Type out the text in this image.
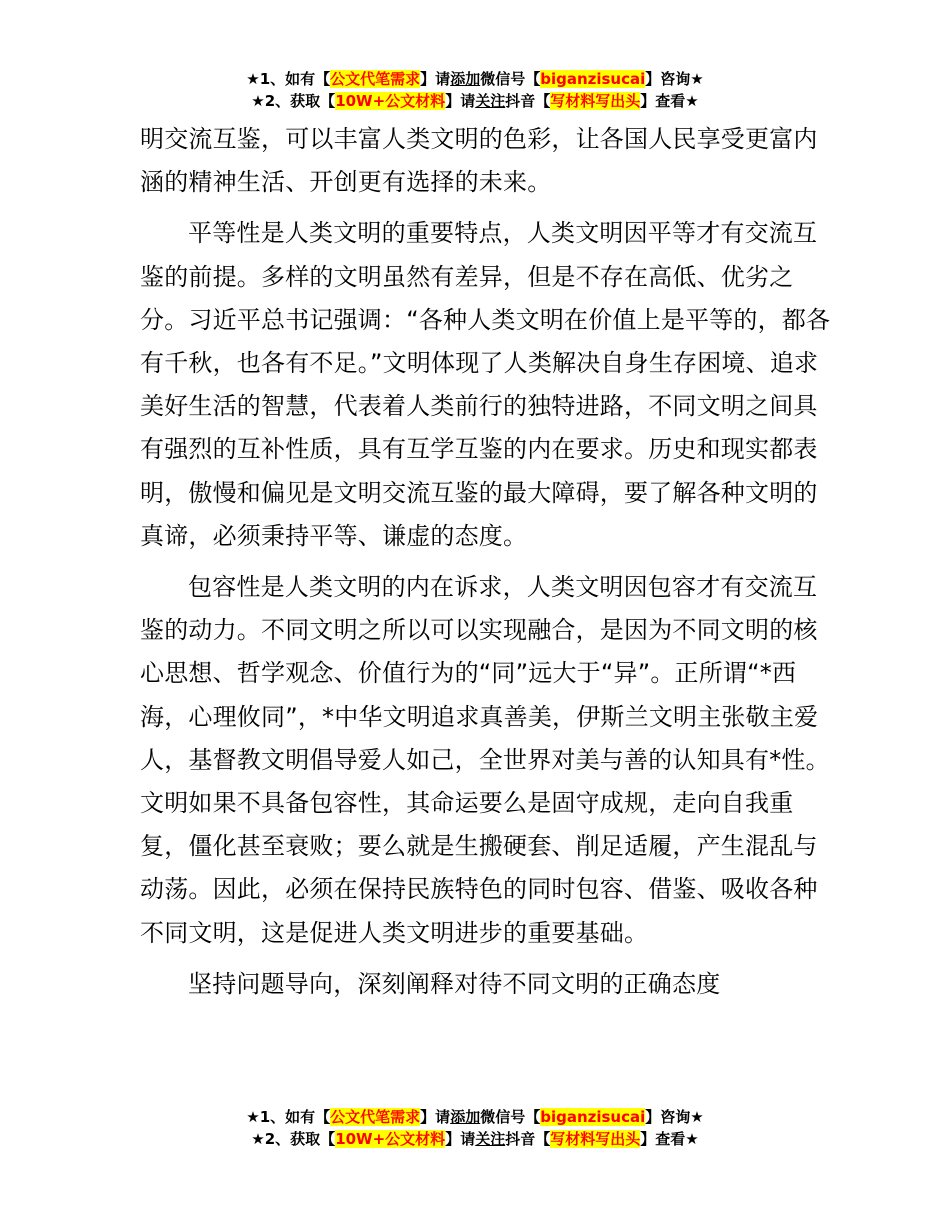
★1、如有【公文代笔需求】请添加微信号【biganzisucai】咨询★
★2、获取【10W+公文材料】请关注抖音【写材料写出头】查看★

明交流互鉴，可以丰富人类文明的色彩，让各国人民享受更富内涵的精神生活、开创更有选择的未来。

平等性是人类文明的重要特点，人类文明因平等才有交流互鉴的前提。多样的文明虽然有差异，但是不存在高低、优劣之分。习近平总书记强调：“各种人类文明在价值上是平等的，都各有千秋，也各有不足。”文明体现了人类解决自身生存困境、追求美好生活的智慧，代表着人类前行的独特进路，不同文明之间具有强烈的互补性质，具有互学互鉴的内在要求。历史和现实都表明，傲慢和偏见是文明交流互鉴的最大障碍，要了解各种文明的真谛，必须秉持平等、谦虚的态度。

包容性是人类文明的内在诉求，人类文明因包容才有交流互鉴的动力。不同文明之所以可以实现融合，是因为不同文明的核心思想、哲学观念、价值行为的“同”远大于“异”。正所谓“*西海，心理攸同”，*中华文明追求真善美，伊斯兰文明主张敬主爱人，基督教文明倡导爱人如己，全世界对美与善的认知具有*性。文明如果不具备包容性，其命运要么是固守成规，走向自我重复，僵化甚至衰败；要么就是生搬硬套、削足适履，产生混乱与动荡。因此，必须在保持民族特色的同时包容、借鉴、吸收各种不同文明，这是促进人类文明进步的重要基础。

坚持问题导向，深刻阐释对待不同文明的正确态度

★1、如有【公文代笔需求】请添加微信号【biganzisucai】咨询★
★2、获取【10W+公文材料】请关注抖音【写材料写出头】查看★
